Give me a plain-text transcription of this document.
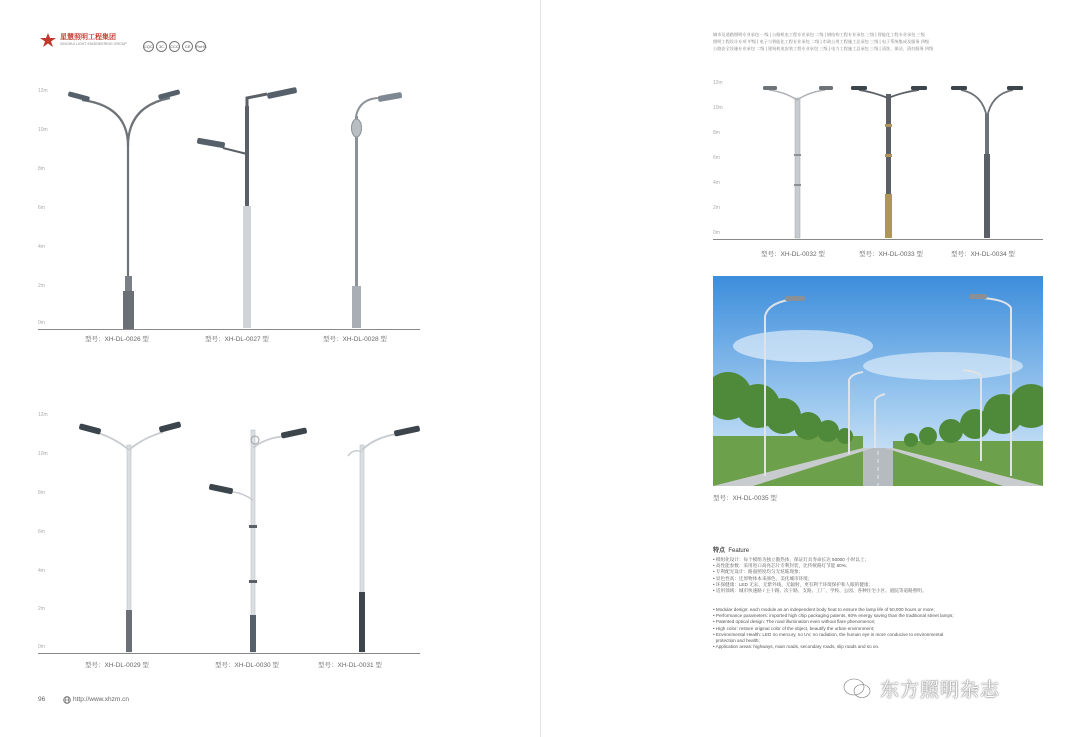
星慧照明工程集团
XINGHUI LIGHT ENGINEERING GROUP	CQC 3C CCC CE RoHS
12m
10m
8m
6m
4m
2m
0m
型号：XH-DL-0026 型	型号：XH-DL-0027 型	型号：XH-DL-0028 型
12m
10m
8m
6m
4m
2m
0m
型号：XH-DL-0029 型	型号：XH-DL-0030 型	型号：XH-DL-0031 型
96	http://www.xhzm.cn
城市及道路照明专业承包 一级 | 公路机电工程专业承包 二级 | 钢结构工程专业承包 三级 | 智能化工程专业承包 三级
照明工程设计专项 甲级 | 电子与智能化工程专业承包 二级 | 市政公用工程施工总承包 三级 | 电子系统集成及服务 四级
公路安全设施专业承包 二级 | 建筑机电安装工程专业承包 三级 | 电力工程施工总承包 三级 | 清洗、保洁、清扫服务 四级
12m
10m
8m
6m
4m
2m
0m
型号：XH-DL-0032 型	型号：XH-DL-0033 型	型号：XH-DL-0034 型
型号：XH-DL-0035 型
特点 Feature
• 模组化设计：每个模组为独立散热体，保证灯具寿命长达 50000 小时以上；
• 高性能参数：采用进口高亮芯片专利封装，比传统路灯节能 60%；
• 专利配光设计：路面照度均匀无炫眩现象；
• 显色性高：还原物体本来颜色，美化城市环境；
• 环保健康：LED 无汞、无紫外线、无辐射，更有利于环境保护和人眼的健康；
• 适用领域：城市快速路 / 主干路、次干路、支路、工厂、学校、公园、各种住宅小区、庭院等道路照明。
• Modular design: each module as an independent body heat to ensure the lamp life of 50,000 hours or more;
• Performance parameters: imported high chip packaging patents, 60% energy saving than the traditional street lamps;
• Patented optical design: The road illumination even without flare phenomenon;
• High color: restore original color of the object, beautify the urban environment;
• Environmental Health: LED no mercury, no UV, no radiation, the human eye is more conducive to environmental
protection and health;
• Application areas: highways, main roads, secondary roads, slip roads and so on.
东方照明杂志
